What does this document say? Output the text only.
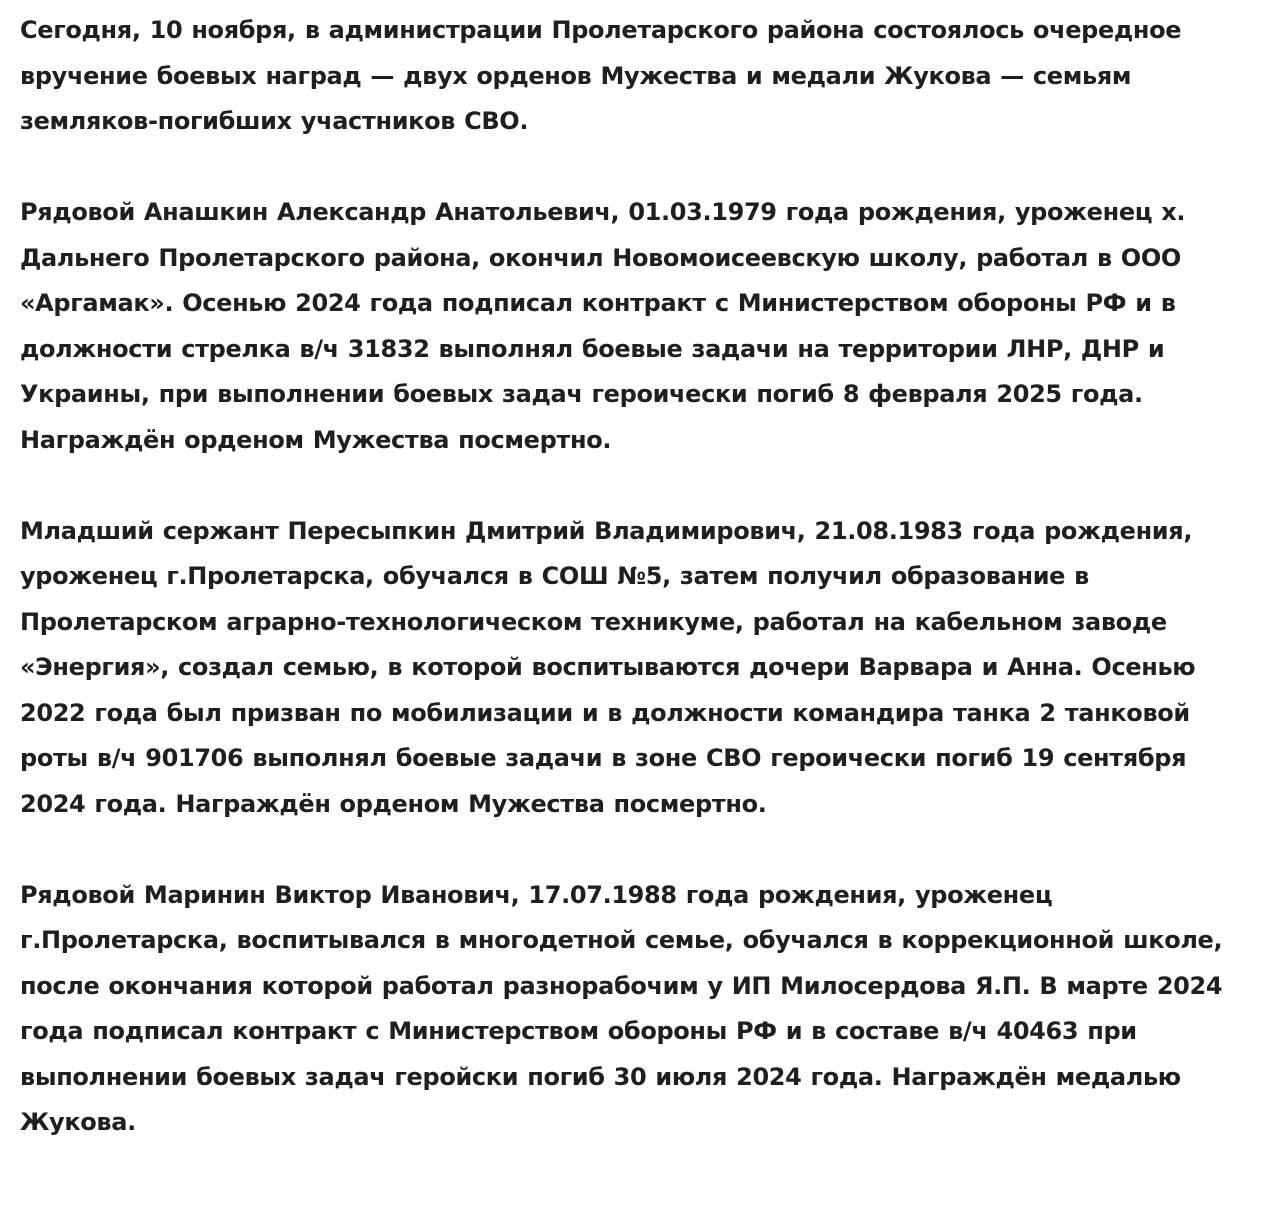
Сегодня, 10 ноября, в администрации Пролетарского района состоялось очередное вручение боевых наград — двух орденов Мужества и медали Жукова — семьям земляков-погибших участников СВО.

Рядовой Анашкин Александр Анатольевич, 01.03.1979 года рождения, уроженец х. Дальнего Пролетарского района, окончил Новомоисеевскую школу, работал в ООО «Аргамак». Осенью 2024 года подписал контракт с Министерством обороны РФ и в должности стрелка в/ч 31832 выполнял боевые задачи на территории ЛНР, ДНР и Украины, при выполнении боевых задач героически погиб 8 февраля 2025 года. Награждён орденом Мужества посмертно.

Младший сержант Пересыпкин Дмитрий Владимирович, 21.08.1983 года рождения, уроженец г.Пролетарска, обучался в СОШ №5, затем получил образование в Пролетарском аграрно-технологическом техникуме, работал на кабельном заводе «Энергия», создал семью, в которой воспитываются дочери Варвара и Анна. Осенью 2022 года был призван по мобилизации и в должности командира танка 2 танковой роты в/ч 901706 выполнял боевые задачи в зоне СВО героически погиб 19 сентября 2024 года. Награждён орденом Мужества посмертно.

Рядовой Маринин Виктор Иванович, 17.07.1988 года рождения, уроженец г.Пролетарска, воспитывался в многодетной семье, обучался в коррекционной школе, после окончания которой работал разнорабочим у ИП Милосердова Я.П. В марте 2024 года подписал контракт с Министерством обороны РФ и в составе в/ч 40463 при выполнении боевых задач геройски погиб 30 июля 2024 года. Награждён медалью Жукова.
